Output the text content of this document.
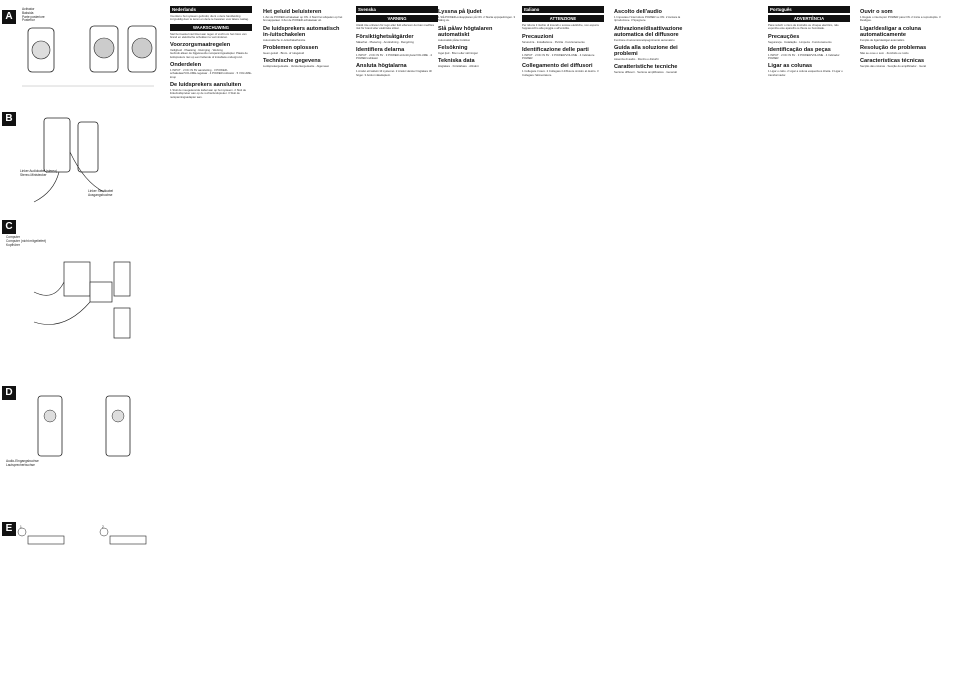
A
B
C
D
E
Activator
Baksida
Parte posteriore
Posterior
Linker Audiokabel (stereo)
Stereo-Ministecker
Linker Steckkabel
Ausgangsbuchse
Computer
Computer (nicht mitgeliefert)
Kopfhörer
Audio-Eingangsbuchse
Lautsprecherbuchse
1	2
Nederlands

Voordat u het systeem gebruikt, dient u deze handleiding zorgvuldig door te lezen en deze te bewaren voor latere naslag.

WAARSCHUWING

Stel het toestel niet bloot aan regen of vocht om het risico van brand en elektrische schokken te verminderen.

Voorzorgsmaatregelen

Veiligheid · Plaatsing · Reiniging · Werking

Gebruik alleen de bijgeleverde netspanningsadapter. Plaats de luidsprekers niet op een hellende of instabiele ondergrond.

Onderdelen

1 INPUT · 2 DC IN 6V aansluiting · 3 POWER-schakelaar/VOLUME-regelaar · 4 POWER-indicator · 5 VOLUME-knop

De luidsprekers aansluiten

1 Sluit de meegeleverde kabel aan op het systeem. 2 Sluit de linkerluidspreker aan op de rechterluidspreker. 3 Sluit de netspanningsadapter aan.

Het geluid beluisteren

1 Zet de POWER-schakelaar op ON. 2 Start het afspelen op het bronapparaat. 3 Zet de POWER-schakelaar uit.

De luidsprekers automatisch in-/uitschakelen

Automatische in-/uitschakelfunctie

Problemen oplossen

Geen geluid · Brom- of ruisgeluid

Technische gegevens

Luidsprekergedeelte · Versterkergedeelte · Algemeen

Svenska
VARNING

Utsätt inte enheten för regn eller fukt eftersom det kan medföra risk för brand eller elektriska stötar.

Försiktighetsåtgärder

Säkerhet · Placering · Användning · Rengöring

Identifiera delarna

1 INPUT · 2 DC IN 6V · 3 POWER-strömbrytare/VOLUME · 4 POWER-indikator

Ansluta högtalarna

1 Anslut ett kabeln till systemet. 2 Anslut vänster högtalare till höger. 3 Anslut nätadaptern.

Lyssna på ljudet

1 Slå POWER-omkopplaren på ON. 2 Starta uppspelningen. 3 Stäng av.

Slå på/av högtalaren automatiskt

Automatisk på/av-funktion

Felsökning

Inget ljud · Brum eller störningar

Tekniska data

Högtalare · Förstärkare · Allmänt

Italiano
ATTENZIONE

Per ridurre il rischio di incendi o scosse elettriche, non esporre l'apparecchio alla pioggia o all'umidità.

Precauzioni

Sicurezza · Installazione · Pulizia · Funzionamento

Identificazione delle parti

1 INPUT · 2 DC IN 6V · 3 POWER/VOLUME · 4 Indicatore POWER

Collegamento dei diffusori

1 Collegare il cavo. 2 Collegare il diffusore sinistro al destro. 3 Collegare l'alimentatore.

Ascolto dell'audio

1 Impostare l'interruttore POWER su ON. 2 Avviare la riproduzione. 3 Spegnere.

Attivazione/disattivazione automatica del diffusore

Funzione di accensione/spegnimento automatico

Guida alla soluzione dei problemi

Assenza di audio · Ronzio o disturbi

Caratteristiche tecniche

Sezione diffusori · Sezione amplificatore · Generali

Português
ADVERTÊNCIA

Para reduzir o risco de incêndio ou choque eléctrico, não exponha este aparelho à chuva ou humidade.

Precauções

Segurança · Instalação · Limpeza · Funcionamento

Identificação das peças

1 INPUT · 2 DC IN 6V · 3 POWER/VOLUME · 4 Indicador POWER

Ligar as colunas

1 Ligar o cabo. 2 Ligar a coluna esquerda à direita. 3 Ligar o transformador.

Ouvir o som

1 Regule o interruptor POWER para ON. 2 Inicie a reprodução. 3 Desligue.

Ligar/desligar a coluna automaticamente

Função de ligar/desligar automático

Resolução de problemas

Não se ouve o som · Zumbido ou ruído

Características técnicas

Secção das colunas · Secção do amplificador · Geral
